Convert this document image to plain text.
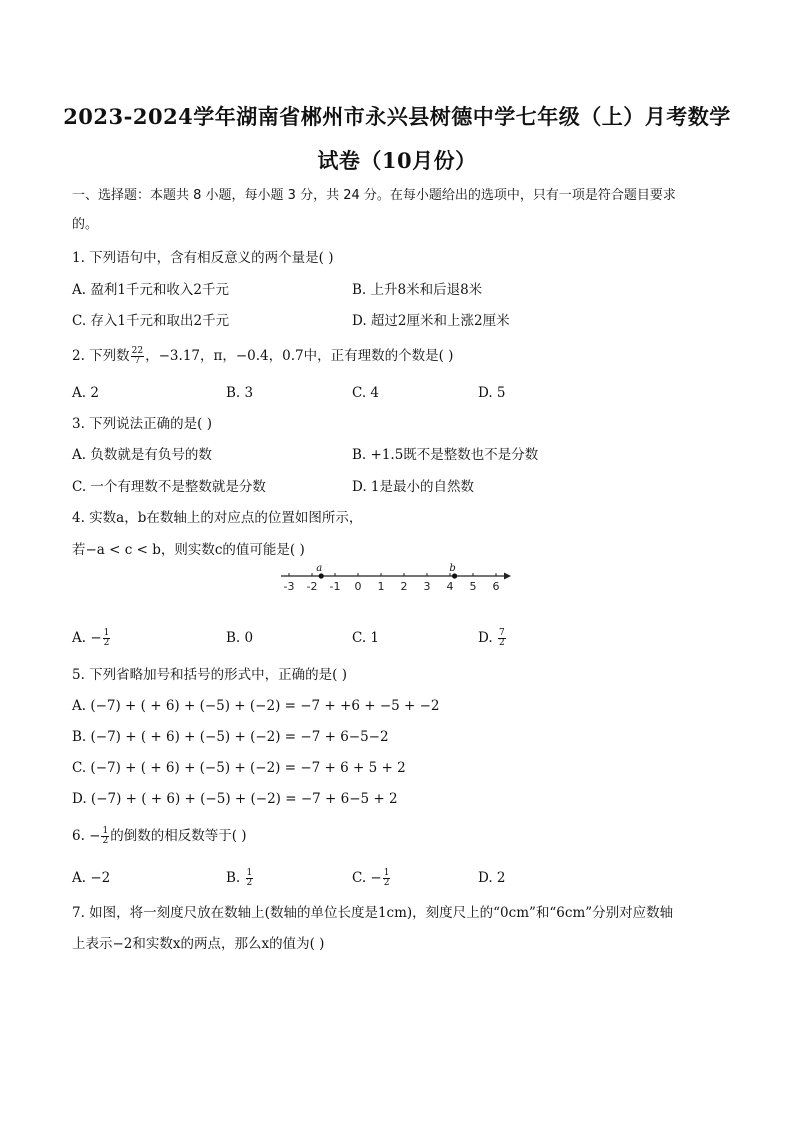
2023-2024学年湖南省郴州市永兴县树德中学七年级（上）月考数学
试卷（10月份）
一、选择题：本题共 8 小题，每小题 3 分，共 24 分。在每小题给出的选项中，只有一项是符合题目要求
的。
1. 下列语句中，含有相反意义的两个量是( )
A. 盈利1千元和收入2千元	B. 上升8米和后退8米
C. 存入1千元和取出2千元	D. 超过2厘米和上涨2厘米
2. 下列数 $\frac{22}{7}$ ，−3.17，π，−0.4，0.7中，正有理数的个数是( )
A. 2	B. 3	C. 4	D. 5
3. 下列说法正确的是( )
A. 负数就是有负号的数	B. +1.5既不是整数也不是分数
C. 一个有理数不是整数就是分数	D. 1是最小的自然数
4. 实数a，b在数轴上的对应点的位置如图所示，
若−a < c < b，则实数c的值可能是( )
-3 -2 -1 0 1 2 3 4 5 6
a	b
A. − $\frac{1}{2}$	B. 0	C. 1	D. $\frac{7}{2}$
5. 下列省略加号和括号的形式中，正确的是( )
A. (−7) + ( + 6) + (−5) + (−2) = −7 + +6 + −5 + −2
B. (−7) + ( + 6) + (−5) + (−2) = −7 + 6−5−2
C. (−7) + ( + 6) + (−5) + (−2) = −7 + 6 + 5 + 2
D. (−7) + ( + 6) + (−5) + (−2) = −7 + 6−5 + 2
6. − $\frac{1}{2}$ 的倒数的相反数等于( )
A. −2	B. $\frac{1}{2}$	C. − $\frac{1}{2}$	D. 2
7. 如图，将一刻度尺放在数轴上(数轴的单位长度是1cm)，刻度尺上的“0cm”和“6cm”分别对应数轴
上表示−2和实数x的两点，那么x的值为( )
